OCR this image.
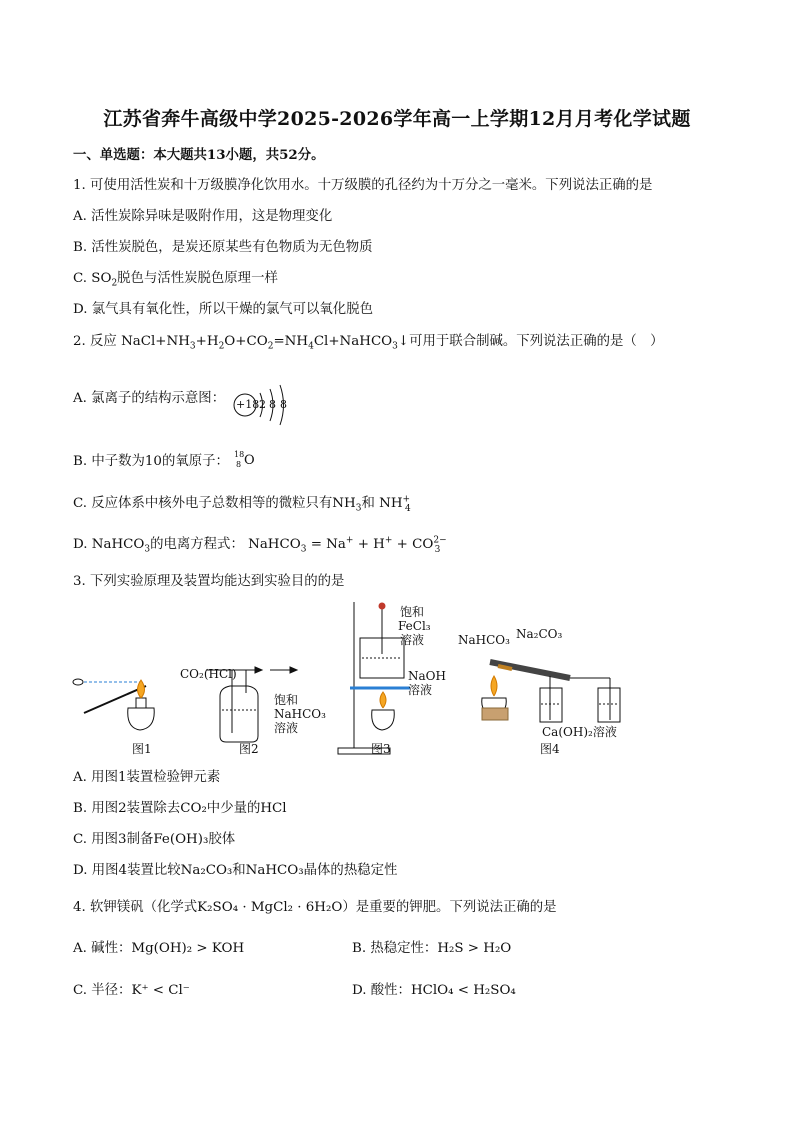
江苏省奔牛高级中学2025-2026学年高一上学期12月月考化学试题
一、单选题：本大题共13小题，共52分。
1. 可使用活性炭和十万级膜净化饮用水。十万级膜的孔径约为十万分之一毫米。下列说法正确的是
A. 活性炭除异味是吸附作用，这是物理变化
B. 活性炭脱色，是炭还原某些有色物质为无色物质
C. $SO_2$脱色与活性炭脱色原理一样
D. 氯气具有氧化性，所以干燥的氯气可以氧化脱色
2. 反应 $NaCl+NH_3+H_2O+CO_2=NH_4Cl+NaHCO_3↓$可用于联合制碱。下列说法正确的是（　）
A. 氯离子的结构示意图： +18 2 8 8
B. 中子数为10的氧原子： 18
8 O
C. 反应体系中核外电子总数相等的微粒只有$NH_3$和 $NH^+_4$
D. NaHCO$_3$的电离方程式： NaHCO$_3$ = $Na^+ + H^+ + CO^{2-}_3$
3. 下列实验原理及装置均能达到实验目的的是
图1	图2	图3	图4
CO₂(HCl)
饱和
NaHCO₃
溶液
饱和
FeCl₃
溶液
NaOH
溶液
NaHCO₃ Na₂CO₃
Ca(OH)₂溶液
A. 用图1装置检验钾元素
B. 用图2装置除去CO₂中少量的HCl
C. 用图3制备Fe(OH)₃胶体
D. 用图4装置比较Na₂CO₃和NaHCO₃晶体的热稳定性
4. 软钾镁矾（化学式K₂SO₄ · MgCl₂ · 6H₂O）是重要的钾肥。下列说法正确的是
A. 碱性：Mg(OH)₂ > KOH	B. 热稳定性：H₂S > H₂O
C. 半径：K⁺ < Cl⁻	D. 酸性：HClO₄ < H₂SO₄
